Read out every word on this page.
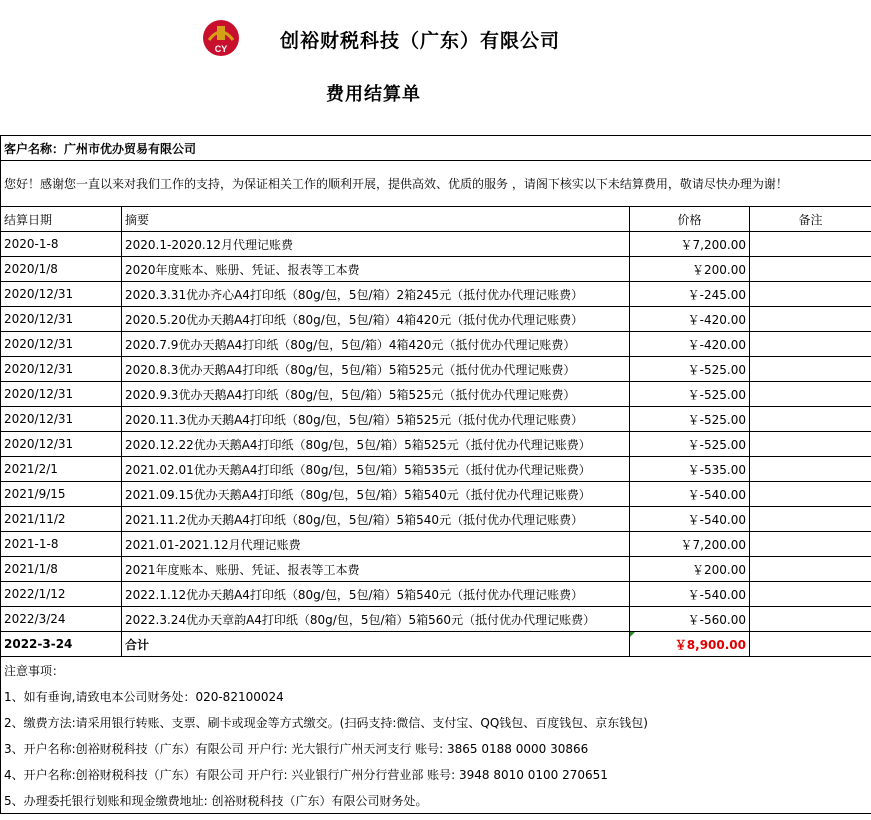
CY	创裕财税科技（广东）有限公司
费用结算单
客户名称：广州市优办贸易有限公司			
您好！感谢您一直以来对我们工作的支持，为保证相关工作的顺利开展，提供高效、优质的服务 ，请阁下核实以下未结算费用，敬请尽快办理为谢！			
结算日期	摘要	价格	备注
2020-1-8	2020.1-2020.12月代理记账费	￥7,200.00	
2020/1/8	2020年度账本、账册、凭证、报表等工本费	￥200.00	
2020/12/31	2020.3.31优办齐心A4打印纸（80g/包，5包/箱）2箱245元（抵付优办代理记账费）	￥-245.00	
2020/12/31	2020.5.20优办天鹅A4打印纸（80g/包，5包/箱）4箱420元（抵付优办代理记账费）	￥-420.00	
2020/12/31	2020.7.9优办天鹅A4打印纸（80g/包，5包/箱）4箱420元（抵付优办代理记账费）	￥-420.00	
2020/12/31	2020.8.3优办天鹅A4打印纸（80g/包，5包/箱）5箱525元（抵付优办代理记账费）	￥-525.00	
2020/12/31	2020.9.3优办天鹅A4打印纸（80g/包，5包/箱）5箱525元（抵付优办代理记账费）	￥-525.00	
2020/12/31	2020.11.3优办天鹅A4打印纸（80g/包，5包/箱）5箱525元（抵付优办代理记账费）	￥-525.00	
2020/12/31	2020.12.22优办天鹅A4打印纸（80g/包，5包/箱）5箱525元（抵付优办代理记账费）	￥-525.00	
2021/2/1	2021.02.01优办天鹅A4打印纸（80g/包，5包/箱）5箱535元（抵付优办代理记账费）	￥-535.00	
2021/9/15	2021.09.15优办天鹅A4打印纸（80g/包，5包/箱）5箱540元（抵付优办代理记账费）	￥-540.00	
2021/11/2	2021.11.2优办天鹅A4打印纸（80g/包，5包/箱）5箱540元（抵付优办代理记账费）	￥-540.00	
2021-1-8	2021.01-2021.12月代理记账费	￥7,200.00	
2021/1/8	2021年度账本、账册、凭证、报表等工本费	￥200.00	
2022/1/12	2022.1.12优办天鹅A4打印纸（80g/包，5包/箱）5箱540元（抵付优办代理记账费）	￥-540.00	
2022/3/24	2022.3.24优办天章韵A4打印纸（80g/包，5包/箱）5箱560元（抵付优办代理记账费）	￥-560.00	
2022-3-24	合计	￥8,900.00	
注意事项：			
1、如有垂询,请致电本公司财务处：020-82100024			
2、缴费方法:请采用银行转账、支票、刷卡或现金等方式缴交。(扫码支持:微信、支付宝、QQ钱包、百度钱包、京东钱包)			
3、开户名称:创裕财税科技（广东）有限公司 开户行: 光大银行广州天河支行 账号: 3865 0188 0000 30866			
4、开户名称:创裕财税科技（广东）有限公司 开户行: 兴业银行广州分行营业部 账号: 3948 8010 0100 270651			
5、办理委托银行划账和现金缴费地址: 创裕财税科技（广东）有限公司财务处。			
